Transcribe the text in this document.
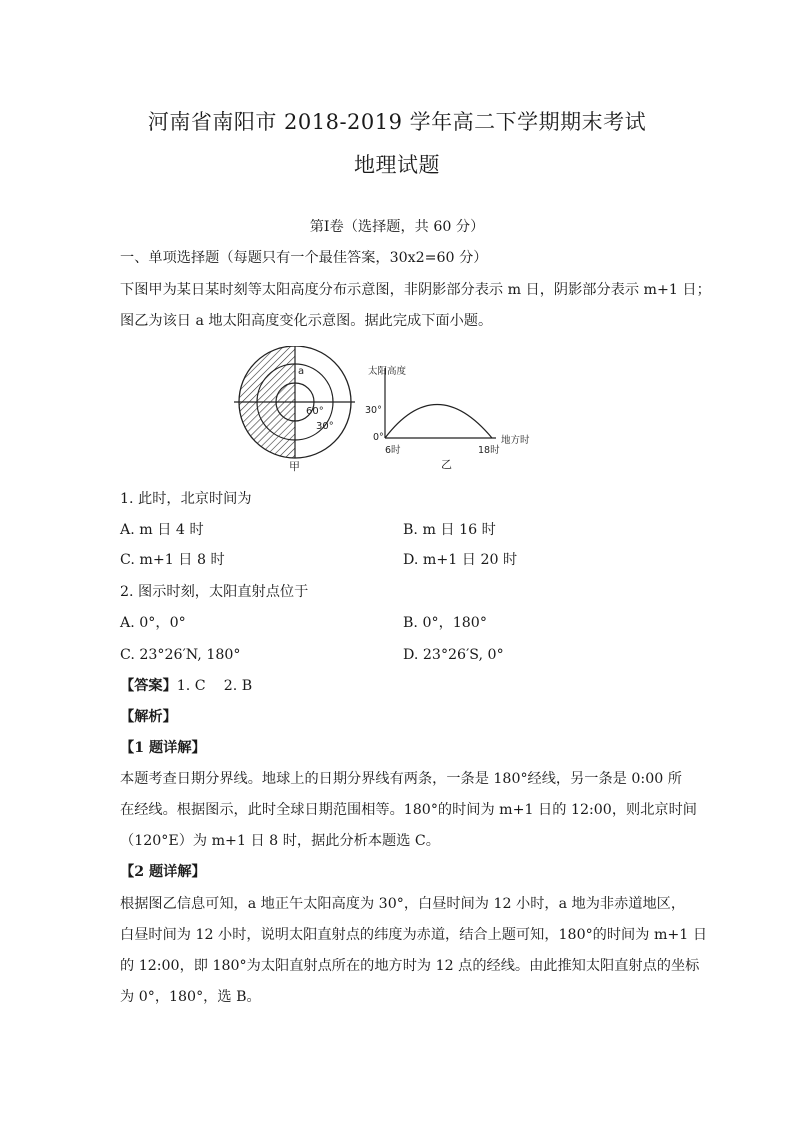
河南省南阳市 2018-2019 学年高二下学期期末考试
地理试题
第Ⅰ卷（选择题，共 60 分）
一、单项选择题（每题只有一个最佳答案，30x2=60 分）
下图甲为某日某时刻等太阳高度分布示意图，非阴影部分表示 m 日，阴影部分表示 m+1 日；
图乙为该日 a 地太阳高度变化示意图。据此完成下面小题。
a
60°
30°
甲
太阳高度
30°
0°
6时	18时
地方时
乙
1. 此时，北京时间为
A. m 日 4 时	B. m 日 16 时
C. m+1 日 8 时	D. m+1 日 20 时
2. 图示时刻，太阳直射点位于
A. 0°，0°	B. 0°，180°
C. 23°26′N, 180°	D. 23°26′S, 0°
【答案】1. C    2. B
【解析】
【1 题详解】
本题考查日期分界线。地球上的日期分界线有两条，一条是 180°经线，另一条是 0:00 所
在经线。根据图示，此时全球日期范围相等。180°的时间为 m+1 日的 12:00，则北京时间
（120°E）为 m+1 日 8 时，据此分析本题选 C。
【2 题详解】
根据图乙信息可知，a 地正午太阳高度为 30°，白昼时间为 12 小时，a 地为非赤道地区，
白昼时间为 12 小时，说明太阳直射点的纬度为赤道，结合上题可知，180°的时间为 m+1 日
的 12:00，即 180°为太阳直射点所在的地方时为 12 点的经线。由此推知太阳直射点的坐标
为 0°，180°，选 B。
